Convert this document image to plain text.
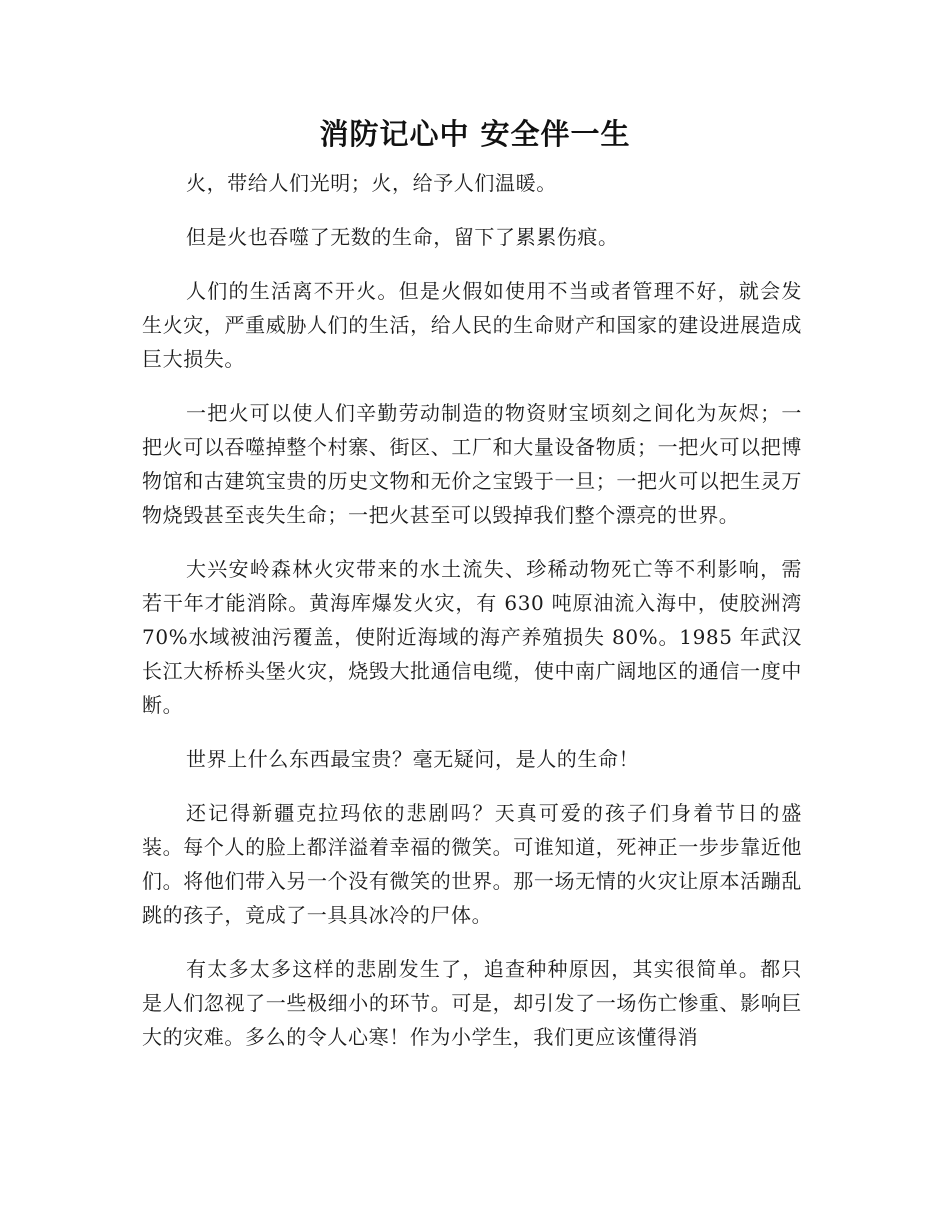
消防记心中 安全伴一生

火，带给人们光明；火，给予人们温暖。

但是火也吞噬了无数的生命，留下了累累伤痕。

人们的生活离不开火。但是火假如使用不当或者管理不好，就会发生火灾，严重威胁人们的生活，给人民的生命财产和国家的建设进展造成巨大损失。

一把火可以使人们辛勤劳动制造的物资财宝顷刻之间化为灰烬；一把火可以吞噬掉整个村寨、街区、工厂和大量设备物质；一把火可以把博物馆和古建筑宝贵的历史文物和无价之宝毁于一旦；一把火可以把生灵万物烧毁甚至丧失生命；一把火甚至可以毁掉我们整个漂亮的世界。

大兴安岭森林火灾带来的水土流失、珍稀动物死亡等不利影响，需若干年才能消除。黄海库爆发火灾，有 630 吨原油流入海中，使胶洲湾 70%水域被油污覆盖，使附近海域的海产养殖损失 80%。1985 年武汉长江大桥桥头堡火灾，烧毁大批通信电缆，使中南广阔地区的通信一度中断。

世界上什么东西最宝贵？毫无疑问，是人的生命！

还记得新疆克拉玛依的悲剧吗？天真可爱的孩子们身着节日的盛装。每个人的脸上都洋溢着幸福的微笑。可谁知道，死神正一步步靠近他们。将他们带入另一个没有微笑的世界。那一场无情的火灾让原本活蹦乱跳的孩子，竟成了一具具冰冷的尸体。

有太多太多这样的悲剧发生了，追查种种原因，其实很简单。都只是人们忽视了一些极细小的环节。可是，却引发了一场伤亡惨重、影响巨大的灾难。多么的令人心寒！作为小学生，我们更应该懂得消
